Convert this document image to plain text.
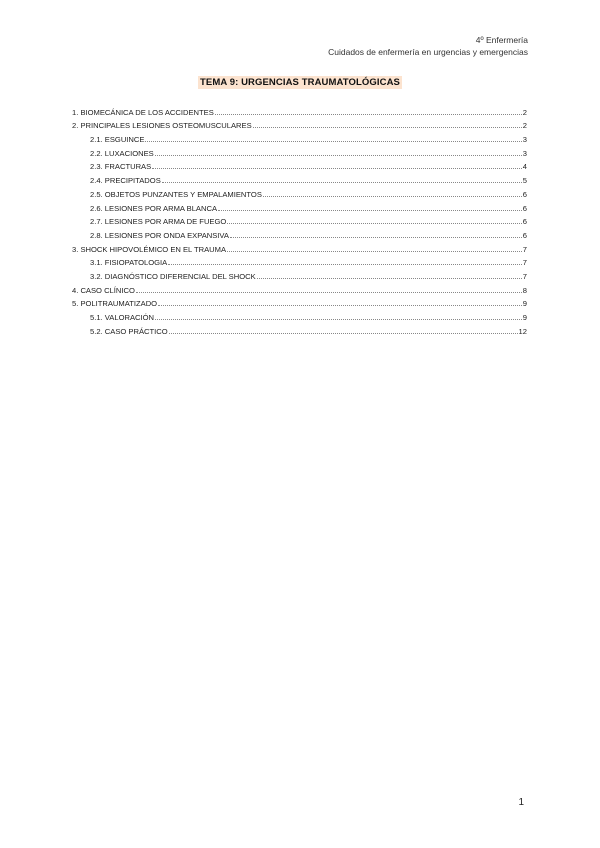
4º Enfermería
Cuidados de enfermería en urgencias y emergencias
TEMA 9: URGENCIAS TRAUMATOLÓGICAS
1. BIOMECÁNICA DE LOS ACCIDENTES	2
2. PRINCIPALES LESIONES OSTEOMUSCULARES	2
2.1. ESGUINCE	3
2.2. LUXACIONES	3
2.3. FRACTURAS	4
2.4. PRECIPITADOS	5
2.5. OBJETOS PUNZANTES Y EMPALAMIENTOS	6
2.6. LESIONES POR ARMA BLANCA	6
2.7. LESIONES POR ARMA DE FUEGO	6
2.8. LESIONES POR ONDA EXPANSIVA	6
3. SHOCK HIPOVOLÉMICO EN EL TRAUMA	7
3.1. FISIOPATOLOGIA	7
3.2. DIAGNÓSTICO DIFERENCIAL DEL SHOCK	7
4. CASO CLÍNICO	8
5. POLITRAUMATIZADO	9
5.1. VALORACIÓN	9
5.2. CASO PRÁCTICO	12
1
